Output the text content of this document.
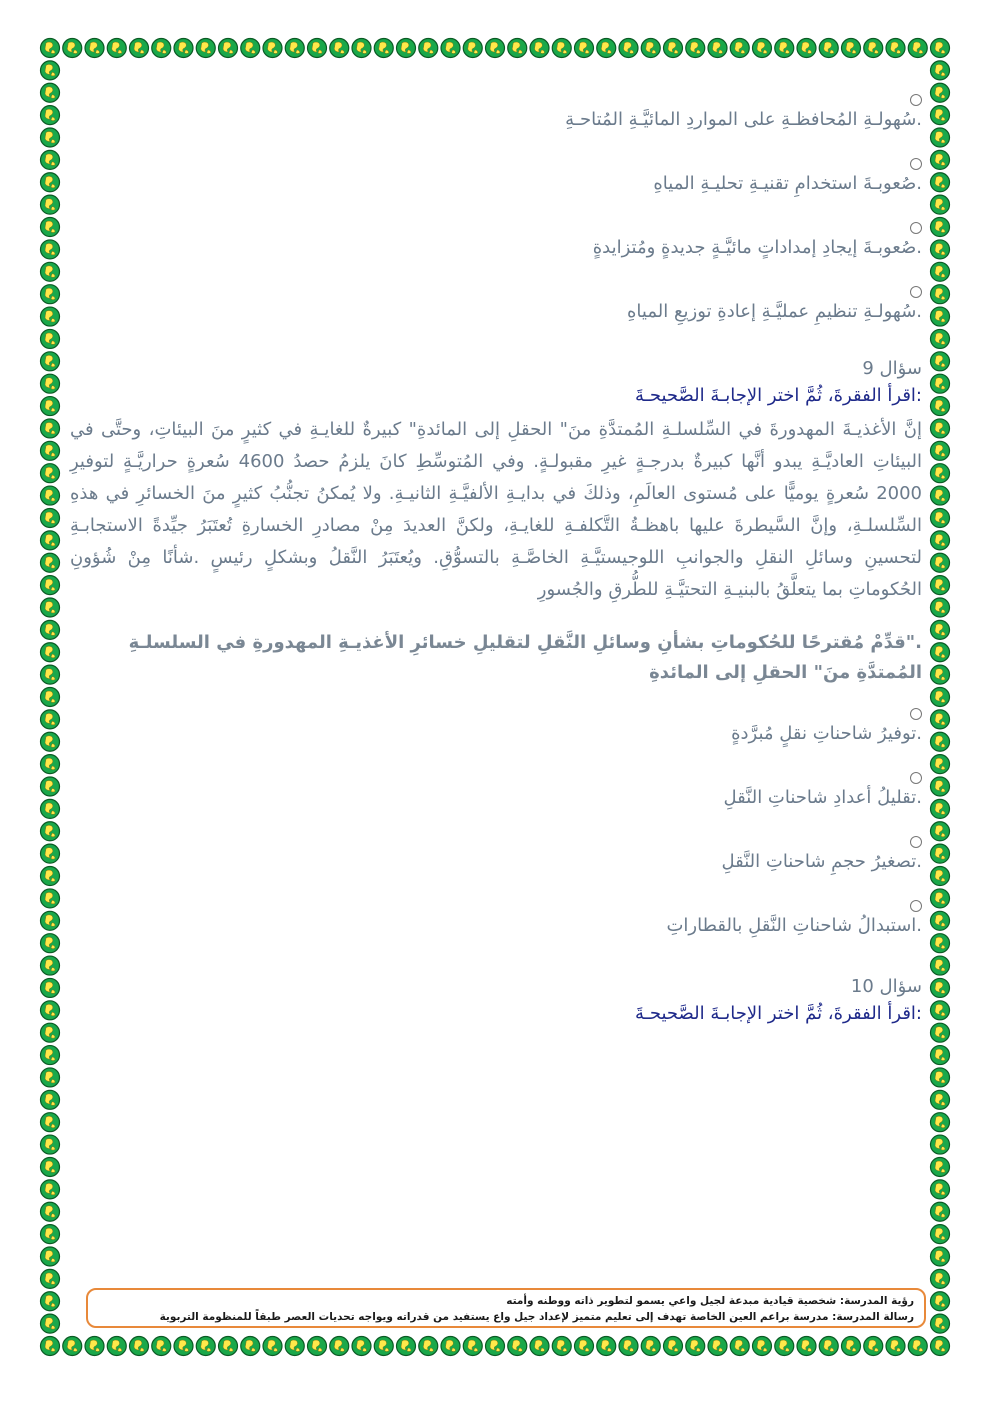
.سُهولـةِ المُحافظـةِ على المواردِ المائيَّـةِ المُتاحـةِ
.صُعوبـةَ استخدامِ تقنيـةِ تحليـةِ المياهِ
.صُعوبـةَ إيجادِ إمداداتٍ مائيَّـةٍ جديدةٍ ومُتزايدةٍ
.سُهولـةِ تنظيمِ عمليَّـةِ إعادةِ توزيعِ المياهِ
سؤال 9
:اقرأ الفقرةَ، ثُمَّ اختر الإجابـةَ الصَّحيحـةَ
إنَّ الأغذيـةَ المهدورةَ في السِّلسلـةِ المُمتدَّةِ منَ" الحقلِ إلى المائدةِ" كبيرةٌ للغايـةِ في كثيرٍ منَ البيئاتِ، وحتَّى في البيئاتِ العاديَّـةِ يبدو أنَّها كبيرةٌ بدرجـةٍ غيرِ مقبولـةٍ. وفي المُتوسِّطِ كانَ يلزمُ حصدُ 4600 سُعرةٍ حراريَّـةٍ لتوفيرِ 2000 سُعرةٍ يوميًّا على مُستوى العالَمِ، وذلكَ في بدايـةِ الألفيَّـةِ الثانيـةِ. ولا يُمكنُ تجنُّبُ كثيرٍ منَ الخسائرِ في هذهِ السِّلسلـةِ، وإنَّ السَّيطرةَ عليها باهظـةُ التَّكلفـةِ للغايـةِ، ولكنَّ العديدَ مِنْ مصادرِ الخسارةِ تُعتَبَرُ جيِّدةً الاستجابـةِ لتحسينِ وسائلِ النقلِ والجوانبِ اللوجيستيَّـةِ الخاصَّـةِ بالتسوُّقِ. ويُعتَبَرُ النَّقلُ وبشكلٍ رئيسٍ .شأنًا مِنْ شُؤونِ الحُكوماتِ بما يتعلَّقُ بالبنيـةِ التحتيَّـةِ للطُّرقِ والجُسورِ
."قدِّمْ مُقترحًا للحُكوماتِ بشأنِ وسائلِ النَّقلِ لتقليلِ خسائرِ الأغذيـةِ المهدورةِ في السلسلـةِ المُمتدَّةِ منَ" الحقلِ إلى المائدةِ
.توفيرُ شاحناتِ نقلٍ مُبرَّدةٍ
.تقليلُ أعدادِ شاحناتِ النَّقلِ
.تصغيرُ حجمِ شاحناتِ النَّقلِ
.استبدالُ شاحناتِ النَّقلِ بالقطاراتِ
سؤال 10
:اقرأ الفقرةَ، ثُمَّ اختر الإجابـةَ الصَّحيحـةَ
رؤية المدرسة: شخصية قيادية مبدعة لجيل واعي يسمو لتطوير ذاته ووطنه وأمته
رسالة المدرسة: مدرسة براعم العين الخاصة تهدف إلى تعليم متميز لإعداد جيل واع يستفيد من قدراته ويواجه تحديات العصر طبقاً للمنظومة التربوية
